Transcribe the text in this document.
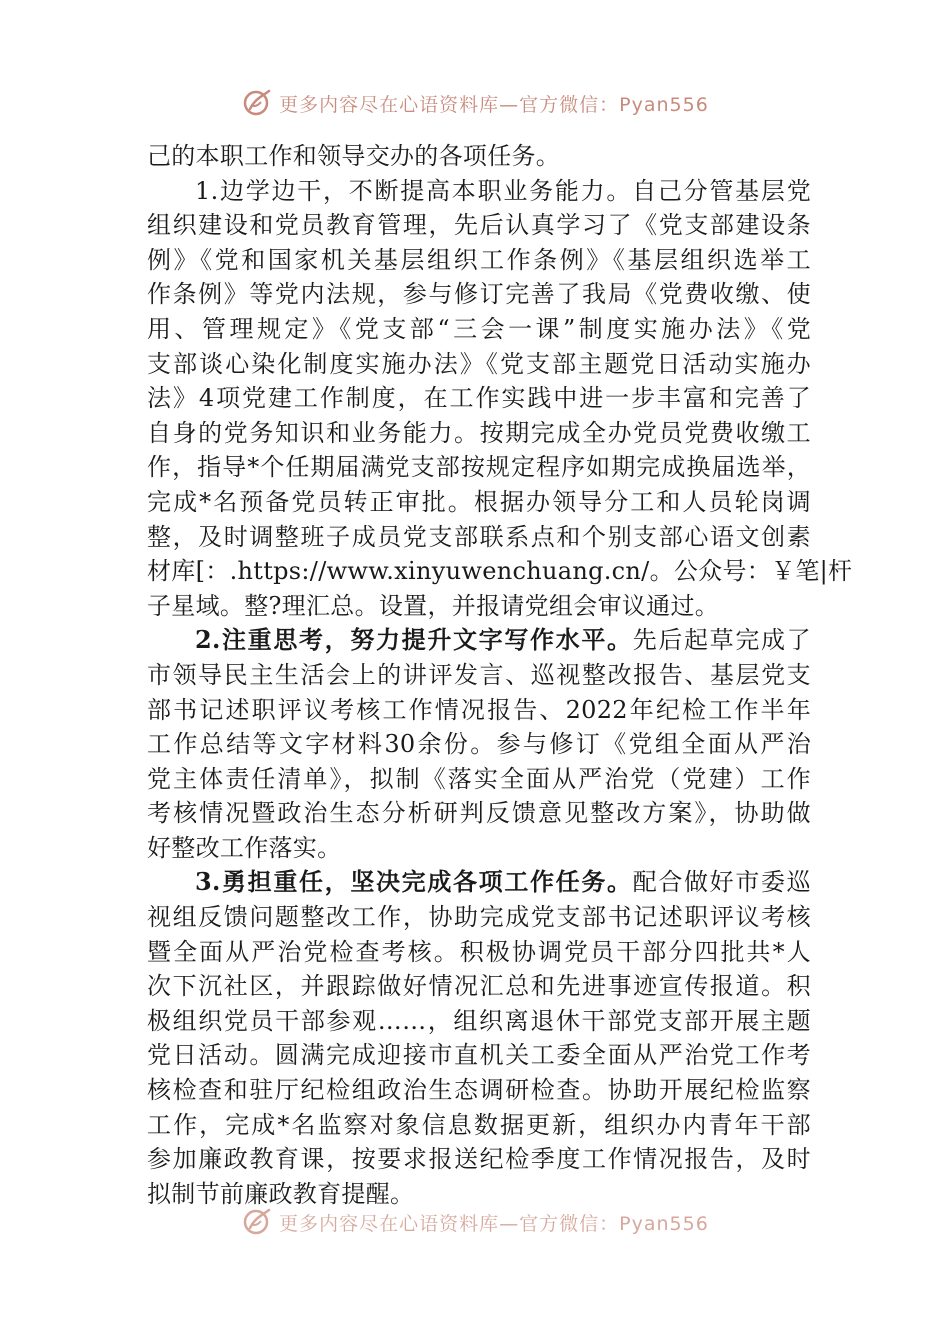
更多内容尽在心语资料库—官方微信：Pyan556
己的本职工作和领导交办的各项任务。
1.边学边干，不断提高本职业务能力。自己分管基层党
组织建设和党员教育管理，先后认真学习了《党支部建设条
例》《党和国家机关基层组织工作条例》《基层组织选举工
作条例》等党内法规，参与修订完善了我局《党费收缴、使
用、管理规定》《党支部“三会一课”制度实施办法》《党
支部谈心染化制度实施办法》《党支部主题党日活动实施办
法》4项党建工作制度，在工作实践中进一步丰富和完善了
自身的党务知识和业务能力。按期完成全办党员党费收缴工
作，指导*个任期届满党支部按规定程序如期完成换届选举，
完成*名预备党员转正审批。根据办领导分工和人员轮岗调
整，及时调整班子成员党支部联系点和个别支部心语文创素
材库[：.https://www.xinyuwenchuang.cn/。公众号：￥笔|杆
子星域。整?理汇总。设置，并报请党组会审议通过。
2.注重思考，努力提升文字写作水平。先后起草完成了
市领导民主生活会上的讲评发言、巡视整改报告、基层党支
部书记述职评议考核工作情况报告、2022年纪检工作半年
工作总结等文字材料30余份。参与修订《党组全面从严治
党主体责任清单》，拟制《落实全面从严治党（党建）工作
考核情况暨政治生态分析研判反馈意见整改方案》，协助做
好整改工作落实。
3.勇担重任，坚决完成各项工作任务。配合做好市委巡
视组反馈问题整改工作，协助完成党支部书记述职评议考核
暨全面从严治党检查考核。积极协调党员干部分四批共*人
次下沉社区，并跟踪做好情况汇总和先进事迹宣传报道。积
极组织党员干部参观……，组织离退休干部党支部开展主题
党日活动。圆满完成迎接市直机关工委全面从严治党工作考
核检查和驻厅纪检组政治生态调研检查。协助开展纪检监察
工作，完成*名监察对象信息数据更新，组织办内青年干部
参加廉政教育课，按要求报送纪检季度工作情况报告，及时
拟制节前廉政教育提醒。
更多内容尽在心语资料库—官方微信：Pyan556
